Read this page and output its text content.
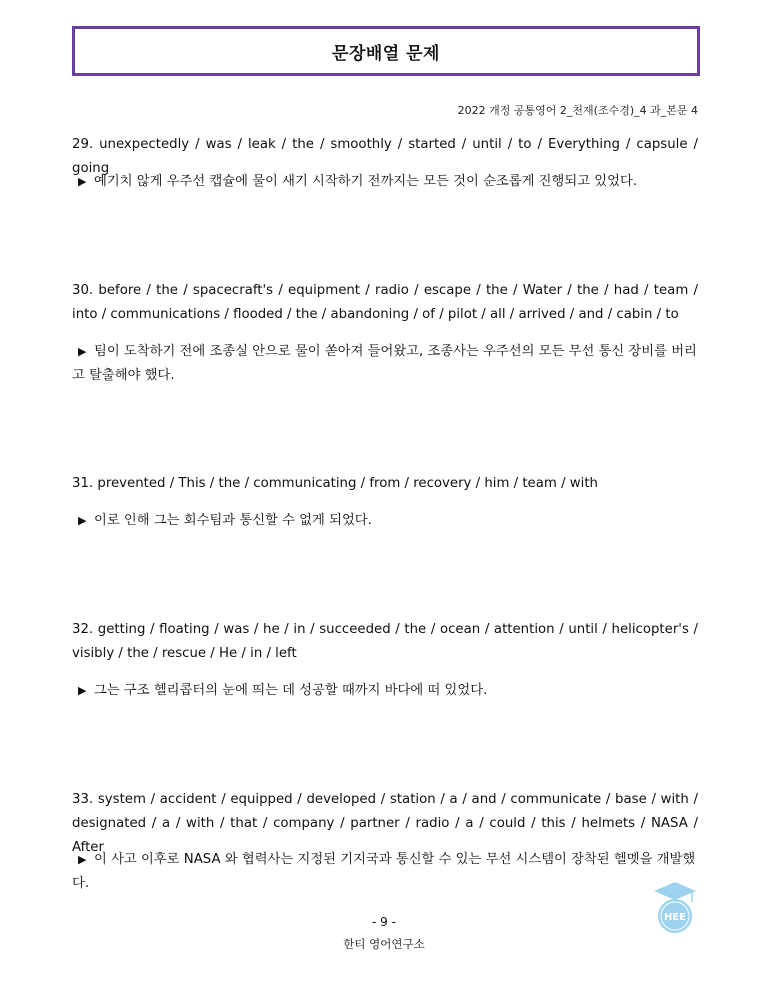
문장배열 문제
2022 개정 공통영어 2_천재(조수경)_4 과_본문 4
29. unexpectedly / was / leak / the / smoothly / started / until / to / Everything / capsule / going
▶ 예기치 않게 우주선 캡슐에 물이 새기 시작하기 전까지는 모든 것이 순조롭게 진행되고 있었다.
30. before / the / spacecraft's / equipment / radio / escape / the / Water / the / had / team / into / communications / flooded / the / abandoning / of / pilot / all / arrived / and / cabin / to
▶ 팀이 도착하기 전에 조종실 안으로 물이 쏟아져 들어왔고, 조종사는 우주선의 모든 무선 통신 장비를 버리고 탈출해야 했다.
31. prevented / This / the / communicating / from / recovery / him / team / with
▶ 이로 인해 그는 회수팀과 통신할 수 없게 되었다.
32. getting / floating / was / he / in / succeeded / the / ocean / attention / until / helicopter's / visibly / the / rescue / He / in / left
▶ 그는 구조 헬리콥터의 눈에 띄는 데 성공할 때까지 바다에 떠 있었다.
33. system / accident / equipped / developed / station / a / and / communicate / base / with / designated / a / with / that / company / partner / radio / a / could / this / helmets / NASA / After
▶ 이 사고 이후로 NASA 와 협력사는 지정된 기지국과 통신할 수 있는 무선 시스템이 장착된 헬멧을 개발했다.
HEE
- 9 -
한티 영어연구소
